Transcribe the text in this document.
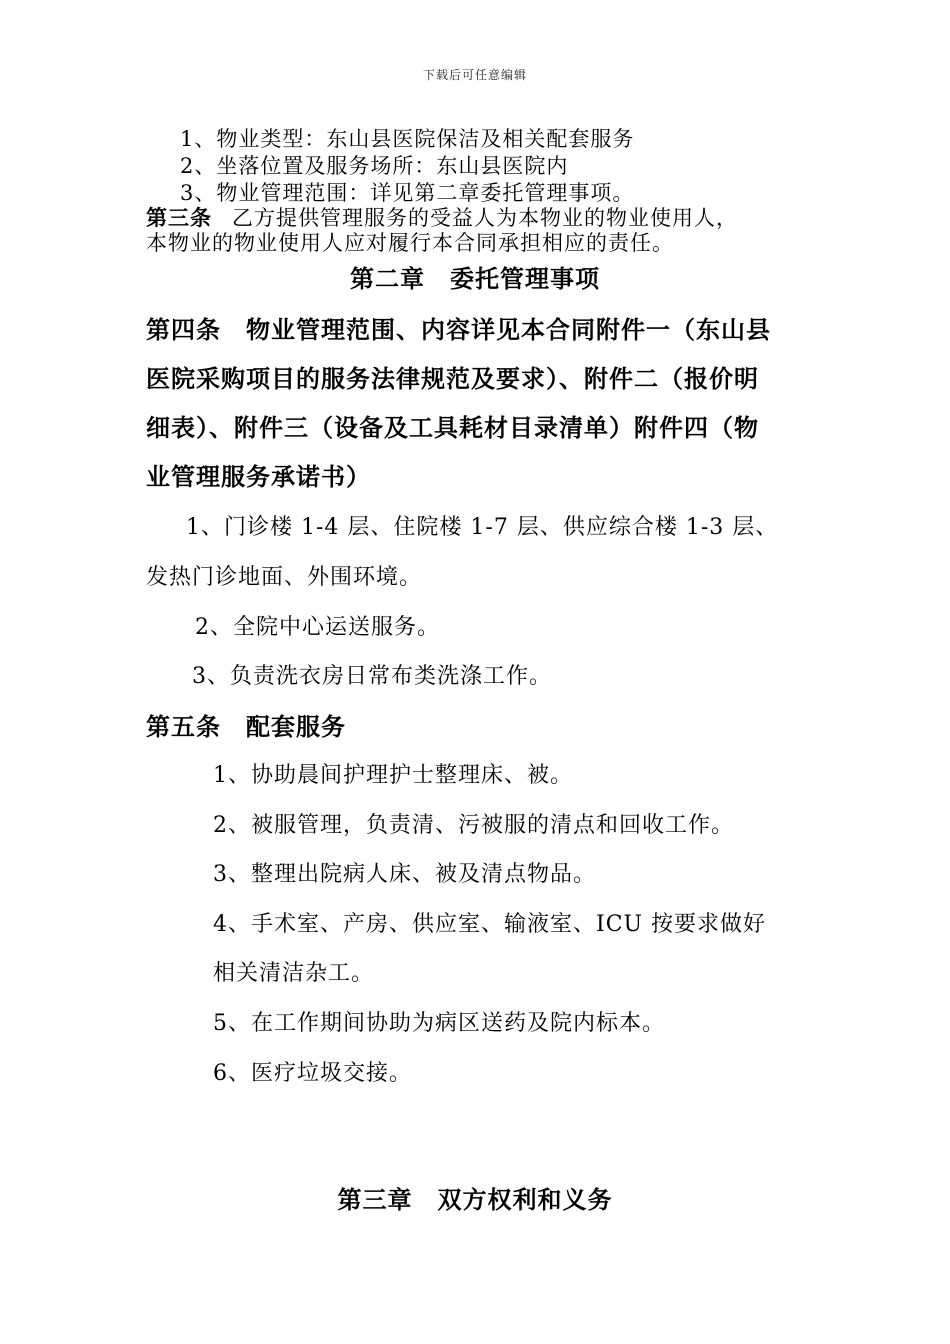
下载后可任意编辑
1、物业类型：东山县医院保洁及相关配套服务
2、坐落位置及服务场所：东山县医院内
3、物业管理范围：详见第二章委托管理事项。
第三条 乙方提供管理服务的受益人为本物业的物业使用人，
本物业的物业使用人应对履行本合同承担相应的责任。
第二章　委托管理事项
第四条　物业管理范围、内容详见本合同附件一（东山县
医院采购项目的服务法律规范及要求）、附件二（报价明
细表）、附件三（设备及工具耗材目录清单）附件四（物
业管理服务承诺书）
1、门诊楼 1-4 层、住院楼 1-7 层、供应综合楼 1-3 层、
发热门诊地面、外围环境。
2、全院中心运送服务。
3、负责洗衣房日常布类洗涤工作。
第五条　配套服务
1、协助晨间护理护士整理床、被。
2、被服管理，负责清、污被服的清点和回收工作。
3、整理出院病人床、被及清点物品。
4、手术室、产房、供应室、输液室、ICU 按要求做好
相关清洁杂工。
5、在工作期间协助为病区送药及院内标本。
6、医疗垃圾交接。
第三章　双方权利和义务
